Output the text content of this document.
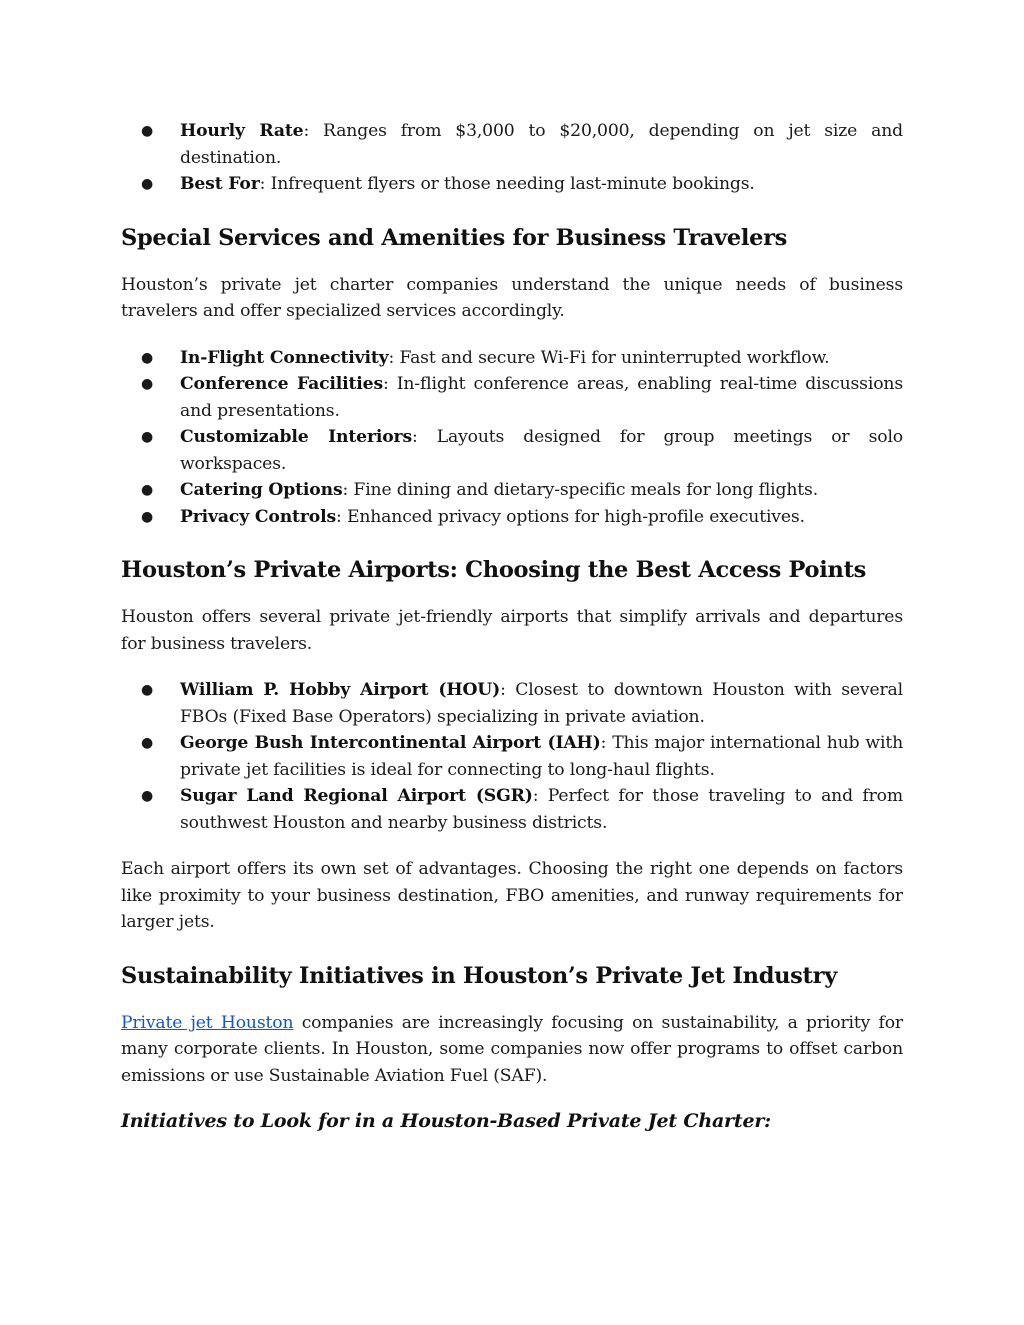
● Hourly Rate: Ranges from $3,000 to $20,000, depending on jet size and destination.
● Best For: Infrequent flyers or those needing last-minute bookings.
Special Services and Amenities for Business Travelers

Houston’s private jet charter companies understand the unique needs of business travelers and offer specialized services accordingly.

● In-Flight Connectivity: Fast and secure Wi-Fi for uninterrupted workflow.
● Conference Facilities: In-flight conference areas, enabling real-time discussions and presentations.
● Customizable Interiors: Layouts designed for group meetings or solo workspaces.
● Catering Options: Fine dining and dietary-specific meals for long flights.
● Privacy Controls: Enhanced privacy options for high-profile executives.
Houston’s Private Airports: Choosing the Best Access Points

Houston offers several private jet-friendly airports that simplify arrivals and departures for business travelers.

● William P. Hobby Airport (HOU): Closest to downtown Houston with several FBOs (Fixed Base Operators) specializing in private aviation.
● George Bush Intercontinental Airport (IAH): This major international hub with private jet facilities is ideal for connecting to long-haul flights.
● Sugar Land Regional Airport (SGR): Perfect for those traveling to and from southwest Houston and nearby business districts.

Each airport offers its own set of advantages. Choosing the right one depends on factors like proximity to your business destination, FBO amenities, and runway requirements for larger jets.

Sustainability Initiatives in Houston’s Private Jet Industry

Private jet Houston companies are increasingly focusing on sustainability, a priority for many corporate clients. In Houston, some companies now offer programs to offset carbon emissions or use Sustainable Aviation Fuel (SAF).

Initiatives to Look for in a Houston-Based Private Jet Charter:
